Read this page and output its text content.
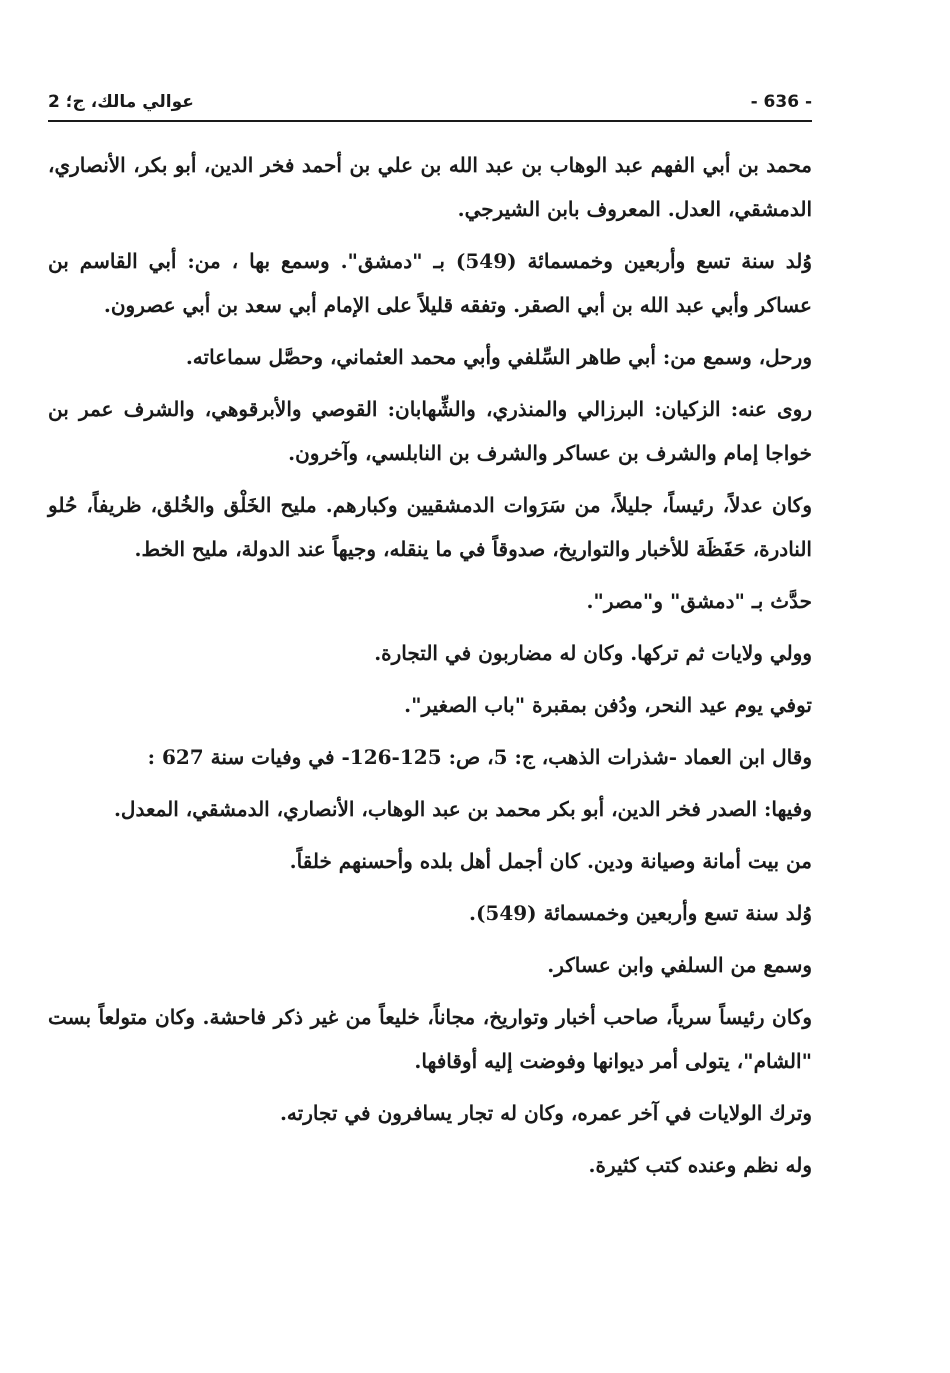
عوالي مالك، ج؛ 2	- 636 -

محمد بن أبي الفهم عبد الوهاب بن عبد الله بن علي بن أحمد فخر الدين، أبو بكر، الأنصاري، الدمشقي، العدل. المعروف بابن الشيرجي.

وُلد سنة تسع وأربعين وخمسمائة (549) بـ "دمشق". وسمع بها ، من: أبي القاسم بن عساكر وأبي عبد الله بن أبي الصقر. وتفقه قليلاً على الإمام أبي سعد بن أبي عصرون.

ورحل، وسمع من: أبي طاهر السِّلفي وأبي محمد العثماني، وحصَّل سماعاته.

روى عنه: الزكيان: البرزالي والمنذري، والشِّهابان: القوصي والأبرقوهي، والشرف عمر بن خواجا إمام والشرف بن عساكر والشرف بن النابلسي، وآخرون.

وكان عدلاً، رئيساً، جليلاً، من سَرَوات الدمشقيين وكبارهم. مليح الخَلْق والخُلق، ظريفاً، حُلو النادرة، حَفَظَة للأخبار والتواريخ، صدوقاً في ما ينقله، وجيهاً عند الدولة، مليح الخط.

حدَّث بـ "دمشق" و"مصر".

وولي ولايات ثم تركها. وكان له مضاربون في التجارة.

توفي يوم عيد النحر، ودُفن بمقبرة "باب الصغير".

وقال ابن العماد -شذرات الذهب، ج: 5، ص: 125-126- في وفيات سنة 627 :

وفيها: الصدر فخر الدين، أبو بكر محمد بن عبد الوهاب، الأنصاري، الدمشقي، المعدل.

من بيت أمانة وصيانة ودين. كان أجمل أهل بلده وأحسنهم خلقاً.

وُلد سنة تسع وأربعين وخمسمائة (549).

وسمع من السلفي وابن عساكر.

وكان رئيساً سرياً، صاحب أخبار وتواريخ، مجاناً، خليعاً من غير ذكر فاحشة. وكان متولعاً بست "الشام"، يتولى أمر ديوانها وفوضت إليه أوقافها.

وترك الولايات في آخر عمره، وكان له تجار يسافرون في تجارته.

وله نظم وعنده كتب كثيرة.
